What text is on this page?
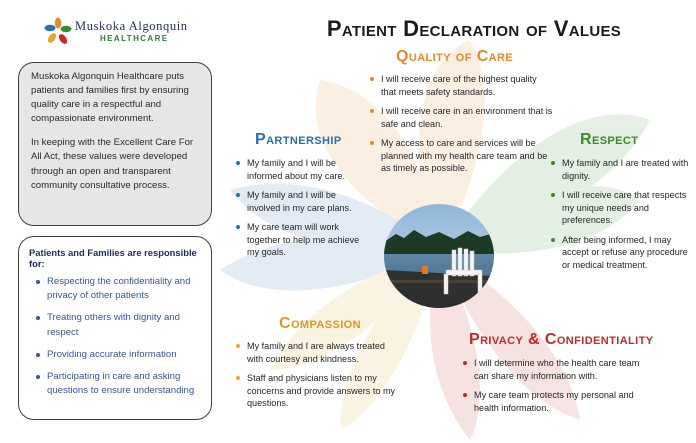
Muskoka Algonquin
HEALTHCARE	Patient Declaration of Values

Muskoka Algonquin Healthcare puts patients and families first by ensuring quality care in a respectful and compassionate environment.

In keeping with the Excellent Care For All Act, these values were developed through an open and transparent community consultative process.

Patients and Families are responsible for:
Respecting the confidentiality and privacy of other patients
Treating others with dignity and respect
Providing accurate information
Participating in care and asking questions to ensure understanding
Quality of Care
I will receive care of the highest quality that meets safety standards.
I will receive care in an environment that is safe and clean.
My access to care and services will be planned with my health care team and be as timely as possible.
Partnership
My family and I will be informed about my care.
My family and I will be involved in my care plans.
My care team will work together to help me achieve my goals.
Respect
My family and I are treated with dignity.
I will receive care that respects my unique needs and preferences.
After being informed, I may accept or refuse any procedure or medical treatment.
Compassion
My family and I are always treated with courtesy and kindness.
Staff and physicians listen to my concerns and provide answers to my questions.
Privacy & Confidentiality
I will determine who the health care team can share my information with.
My care team protects my personal and health information.
